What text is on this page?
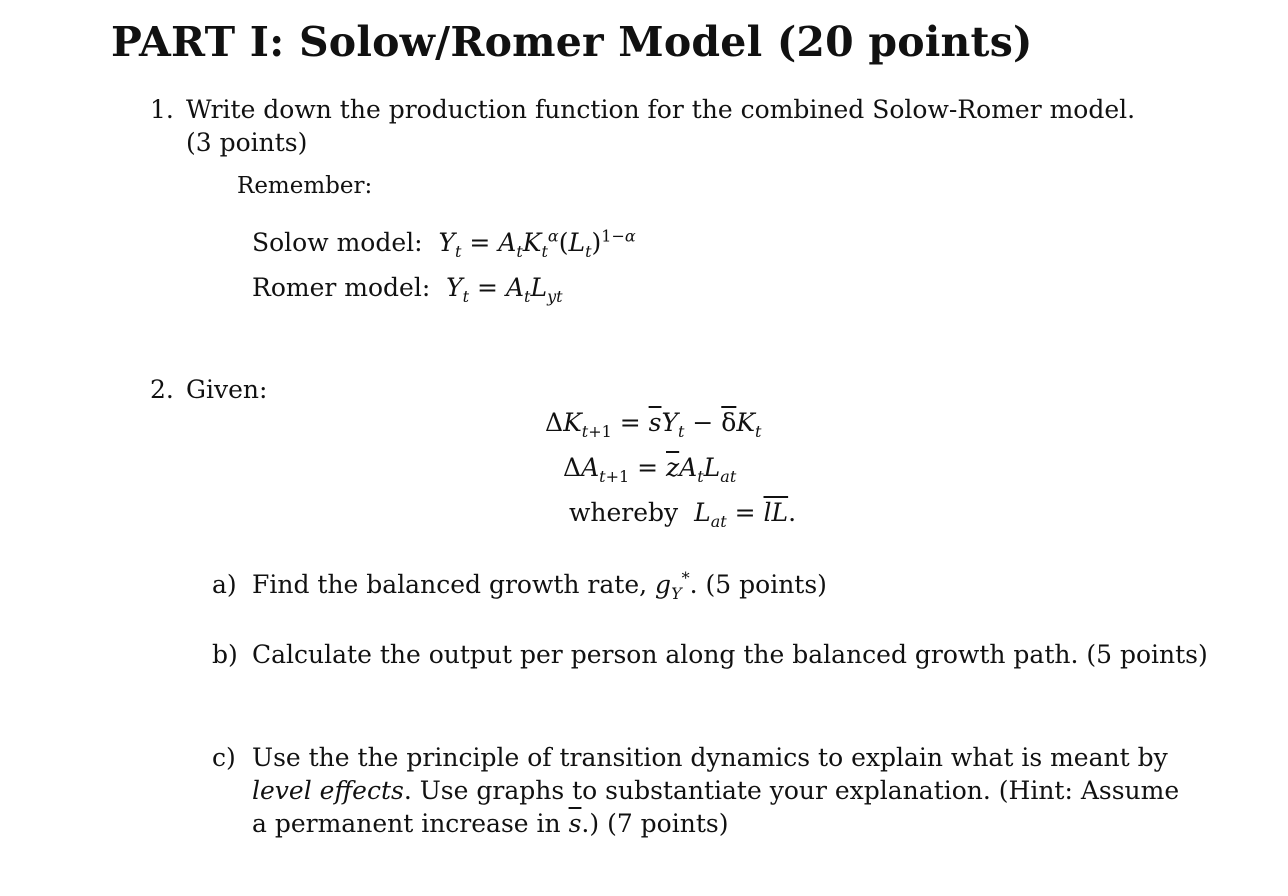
PART I: Solow/Romer Model (20 points)
1. Write down the production function for the combined Solow-Romer model.
(3 points)
Remember:
Solow model: $Y_t = A_tK_t^\alpha(L_t)^{1-\alpha}$
Romer model: $Y_t = A_tL_{yt}$
2. Given:
$\Delta K_{t+1} = \overline{s}Y_t - \overline{\delta}K_t$
$\Delta A_{t+1} = \overline{z}A_tL_{at}$
whereby $L_{at} = \overline{lL}$.
a) Find the balanced growth rate, $g_Y^*$. (5 points)
b) Calculate the output per person along the balanced growth path. (5 points)
c) Use the the principle of transition dynamics to explain what is meant by
level effects. Use graphs to substantiate your explanation. (Hint: Assume
a permanent increase in $\overline{s}$.) (7 points)
